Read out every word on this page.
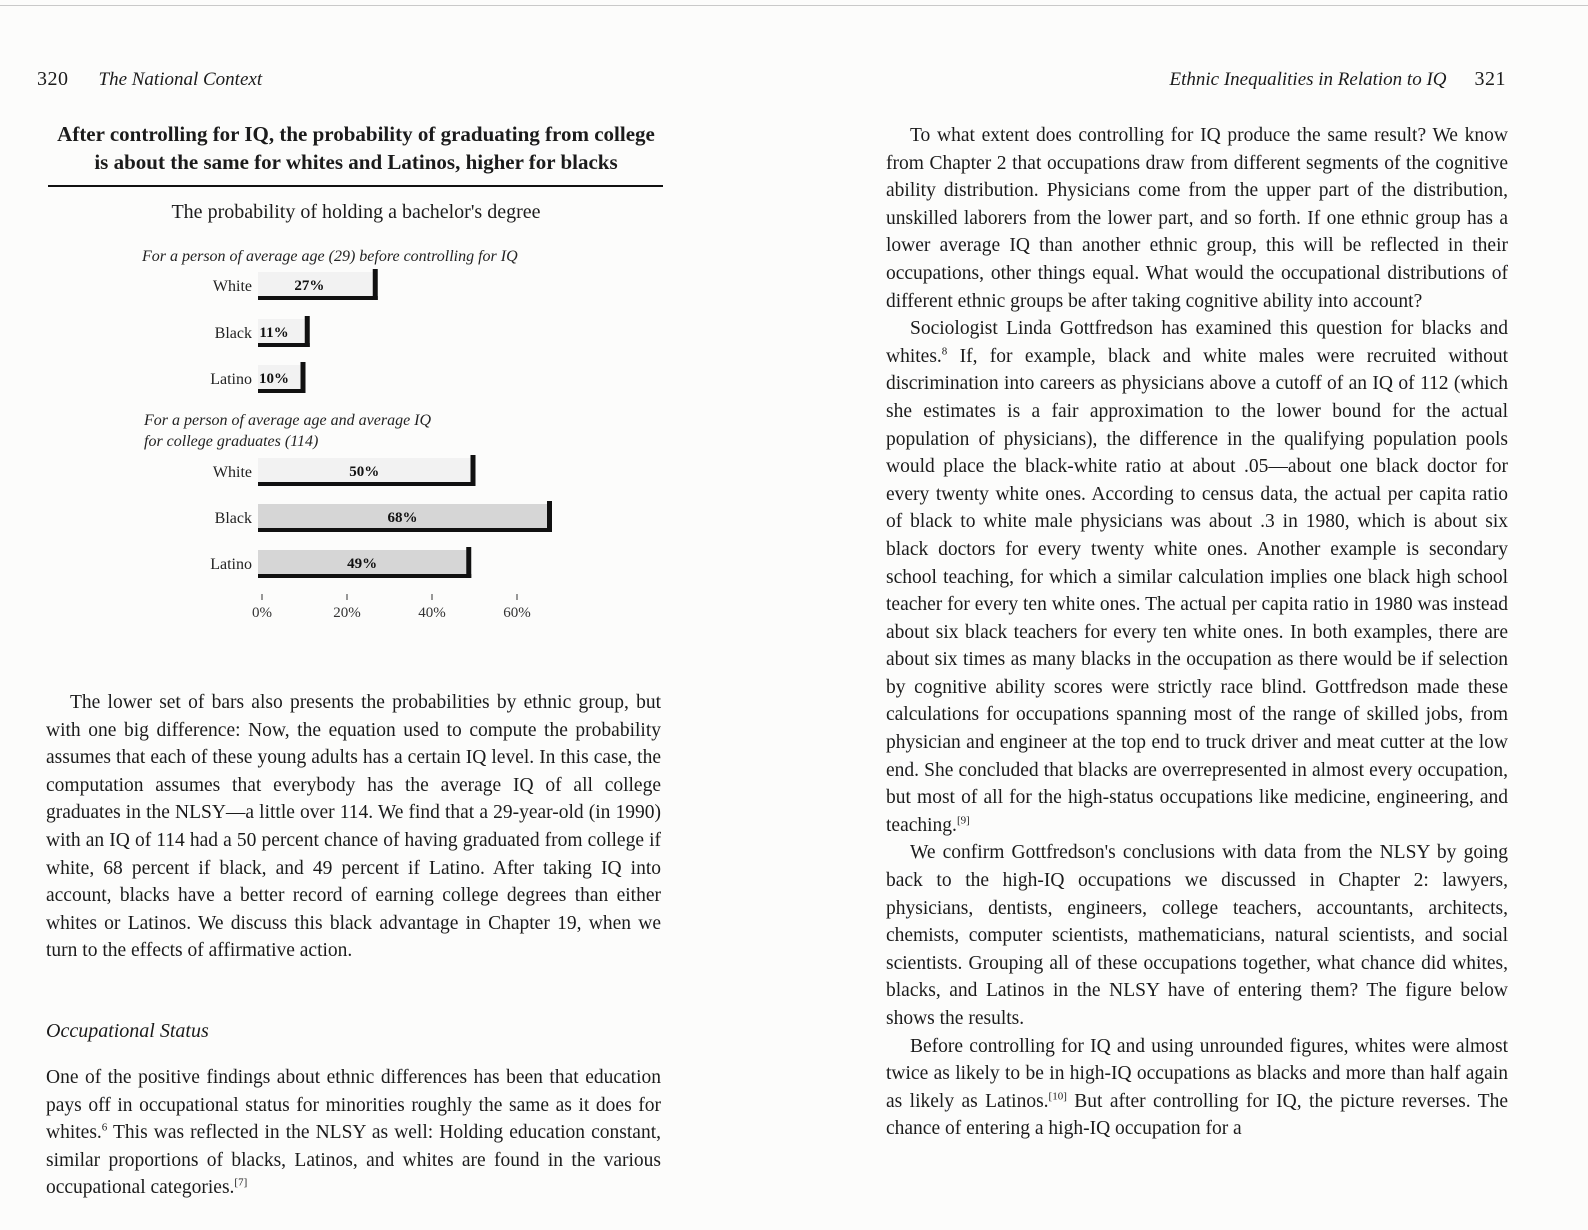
320 The National Context
After controlling for IQ, the probability of graduating from college
is about the same for whites and Latinos, higher for blacks
The probability of holding a bachelor's degree
For a person of average age (29) before controlling for IQ
For a person of average age and average IQ
for college graduates (114)
White	27%
Black 11%
Latino 10%
White	50%
Black	68%
Latino	49%
0%	20%	40%	60%

The lower set of bars also presents the probabilities by ethnic group, but with one big difference: Now, the equation used to compute the probability assumes that each of these young adults has a certain IQ level. In this case, the computation assumes that everybody has the average IQ of all college graduates in the NLSY—a little over 114. We find that a 29-year-old (in 1990) with an IQ of 114 had a 50 percent chance of having graduated from college if white, 68 percent if black, and 49 percent if Latino. After taking IQ into account, blacks have a better record of earning college degrees than either whites or Latinos. We discuss this black advantage in Chapter 19, when we turn to the effects of affirmative action.

Occupational Status

One of the positive findings about ethnic differences has been that education pays off in occupational status for minorities roughly the same as it does for whites.$^6$ This was reflected in the NLSY as well: Holding education constant, similar proportions of blacks, Latinos, and whites are found in the various occupational categories.[7]

Ethnic Inequalities in Relation to IQ 321

To what extent does controlling for IQ produce the same result? We know from Chapter 2 that occupations draw from different segments of the cognitive ability distribution. Physicians come from the upper part of the distribution, unskilled laborers from the lower part, and so forth. If one ethnic group has a lower average IQ than another ethnic group, this will be reflected in their occupations, other things equal. What would the occupational distributions of different ethnic groups be after taking cognitive ability into account?

Sociologist Linda Gottfredson has examined this question for blacks and whites.$^8$ If, for example, black and white males were recruited without discrimination into careers as physicians above a cutoff of an IQ of 112 (which she estimates is a fair approximation to the lower bound for the actual population of physicians), the difference in the qualifying population pools would place the black-white ratio at about .05—about one black doctor for every twenty white ones. According to census data, the actual per capita ratio of black to white male physicians was about .3 in 1980, which is about six black doctors for every twenty white ones. Another example is secondary school teaching, for which a similar calculation implies one black high school teacher for every ten white ones. The actual per capita ratio in 1980 was instead about six black teachers for every ten white ones. In both examples, there are about six times as many blacks in the occupation as there would be if selection by cognitive ability scores were strictly race blind. Gottfredson made these calculations for occupations spanning most of the range of skilled jobs, from physician and engineer at the top end to truck driver and meat cutter at the low end. She concluded that blacks are overrepresented in almost every occupation, but most of all for the high-status occupations like medicine, engineering, and teaching.[9]

We confirm Gottfredson's conclusions with data from the NLSY by going back to the high-IQ occupations we discussed in Chapter 2: lawyers, physicians, dentists, engineers, college teachers, accountants, architects, chemists, computer scientists, mathematicians, natural scientists, and social scientists. Grouping all of these occupations together, what chance did whites, blacks, and Latinos in the NLSY have of entering them? The figure below shows the results.

Before controlling for IQ and using unrounded figures, whites were almost twice as likely to be in high-IQ occupations as blacks and more than half again as likely as Latinos.[10] But after controlling for IQ, the picture reverses. The chance of entering a high-IQ occupation for a
